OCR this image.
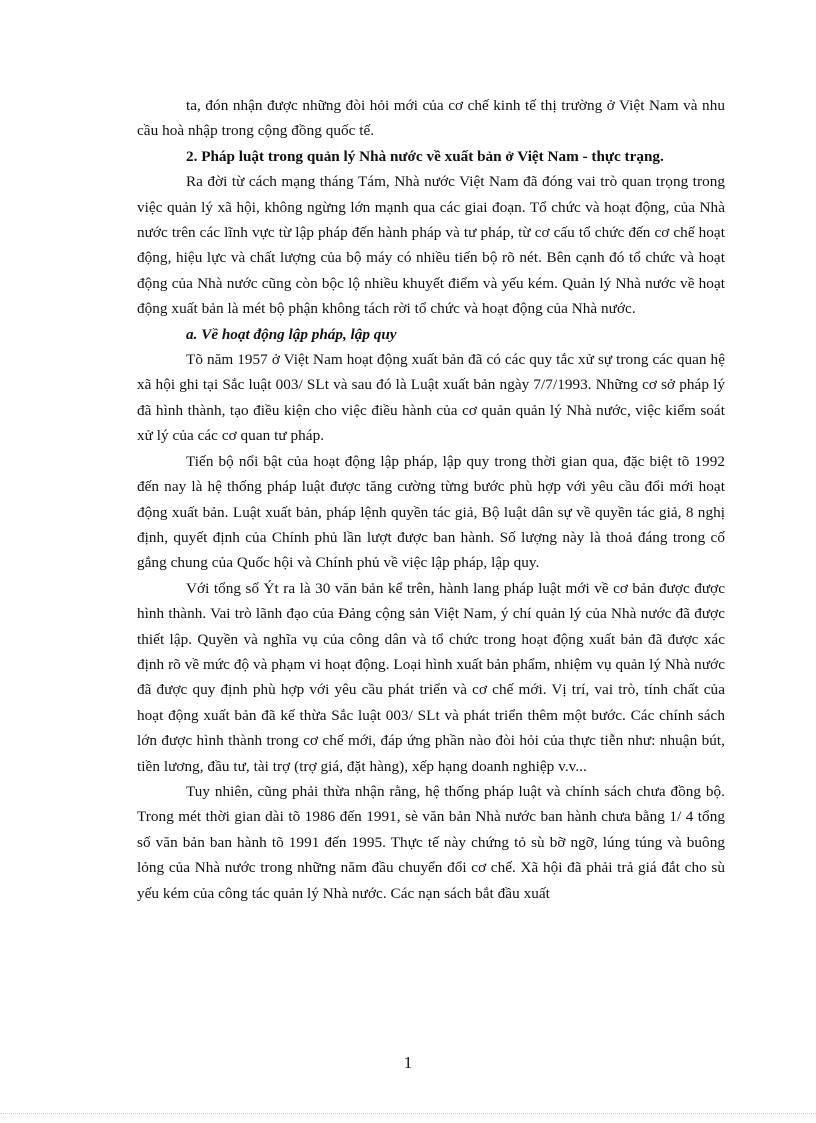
ta, đón nhận được những đòi hỏi mới của cơ chế kinh tế thị trường ở Việt Nam và nhu cầu hoà nhập trong cộng đồng quốc tế.

2. Pháp luật trong quản lý Nhà nước về xuất bản ở Việt Nam - thực trạng.

Ra đời từ cách mạng tháng Tám, Nhà nước Việt Nam đã đóng vai trò quan trọng trong việc quản lý xã hội, không ngừng lớn mạnh qua các giai đoạn. Tổ chức và hoạt động, của Nhà nước trên các lĩnh vực từ lập pháp đến hành pháp và tư pháp, từ cơ cấu tổ chức đến cơ chế hoạt động, hiệu lực và chất lượng của bộ máy có nhiều tiến bộ rõ nét. Bên cạnh đó tổ chức và hoạt động của Nhà nước cũng còn bộc lộ nhiều khuyết điểm và yếu kém. Quản lý Nhà nước về hoạt động xuất bản là mét bộ phận không tách rời tổ chức và hoạt động của Nhà nước.

a. Về hoạt động lập pháp, lập quy

Tõ năm 1957 ở Việt Nam hoạt động xuất bản đã có các quy tắc xử sự trong các quan hệ xã hội ghi tại Sắc luật 003/ SLt và sau đó là Luật xuất bản ngày 7/7/1993. Những cơ sở pháp lý đã hình thành, tạo điều kiện cho việc điều hành của cơ quản quản lý Nhà nước, việc kiểm soát xử lý của các cơ quan tư pháp.

Tiến bộ nổi bật của hoạt động lập pháp, lập quy trong thời gian qua, đặc biệt tõ 1992 đến nay là hệ thống pháp luật được tăng cường từng bước phù hợp với yêu cầu đổi mới hoạt động xuất bản. Luật xuất bản, pháp lệnh quyền tác giả, Bộ luật dân sự về quyền tác giả, 8 nghị định, quyết định của Chính phủ lần lượt được ban hành. Số lượng này là thoả đáng trong cố gắng chung của Quốc hội và Chính phủ về việc lập pháp, lập quy.

Với tổng số Ýt ra là 30 văn bản kể trên, hành lang pháp luật mới về cơ bản được được hình thành. Vai trò lãnh đạo của Đảng cộng sản Việt Nam, ý chí quản lý của Nhà nước đã được thiết lập. Quyền và nghĩa vụ của công dân và tổ chức trong hoạt động xuất bản đã được xác định rõ về mức độ và phạm vi hoạt động. Loại hình xuất bản phẩm, nhiệm vụ quản lý Nhà nước đã được quy định phù hợp với yêu cầu phát triển và cơ chế mới. Vị trí, vai trò, tính chất của hoạt động xuất bản đã kế thừa Sắc luật 003/ SLt và phát triển thêm một bước. Các chính sách lớn được hình thành trong cơ chế mới, đáp ứng phần nào đòi hỏi của thực tiễn như: nhuận bút, tiền lương, đầu tư, tài trợ (trợ giá, đặt hàng), xếp hạng doanh nghiệp v.v...

Tuy nhiên, cũng phải thừa nhận rằng, hệ thống pháp luật và chính sách chưa đồng bộ. Trong mét thời gian dài tõ 1986 đến 1991, sè văn bản Nhà nước ban hành chưa bằng 1/ 4 tổng số văn bản ban hành tõ 1991 đến 1995. Thực tế này chứng tỏ sù bỡ ngỡ, lúng túng và buông lỏng của Nhà nước trong những năm đầu chuyển đổi cơ chế. Xã hội đã phải trả giá đắt cho sù yếu kém của công tác quản lý Nhà nước. Các nạn sách bắt đầu xuất

1
